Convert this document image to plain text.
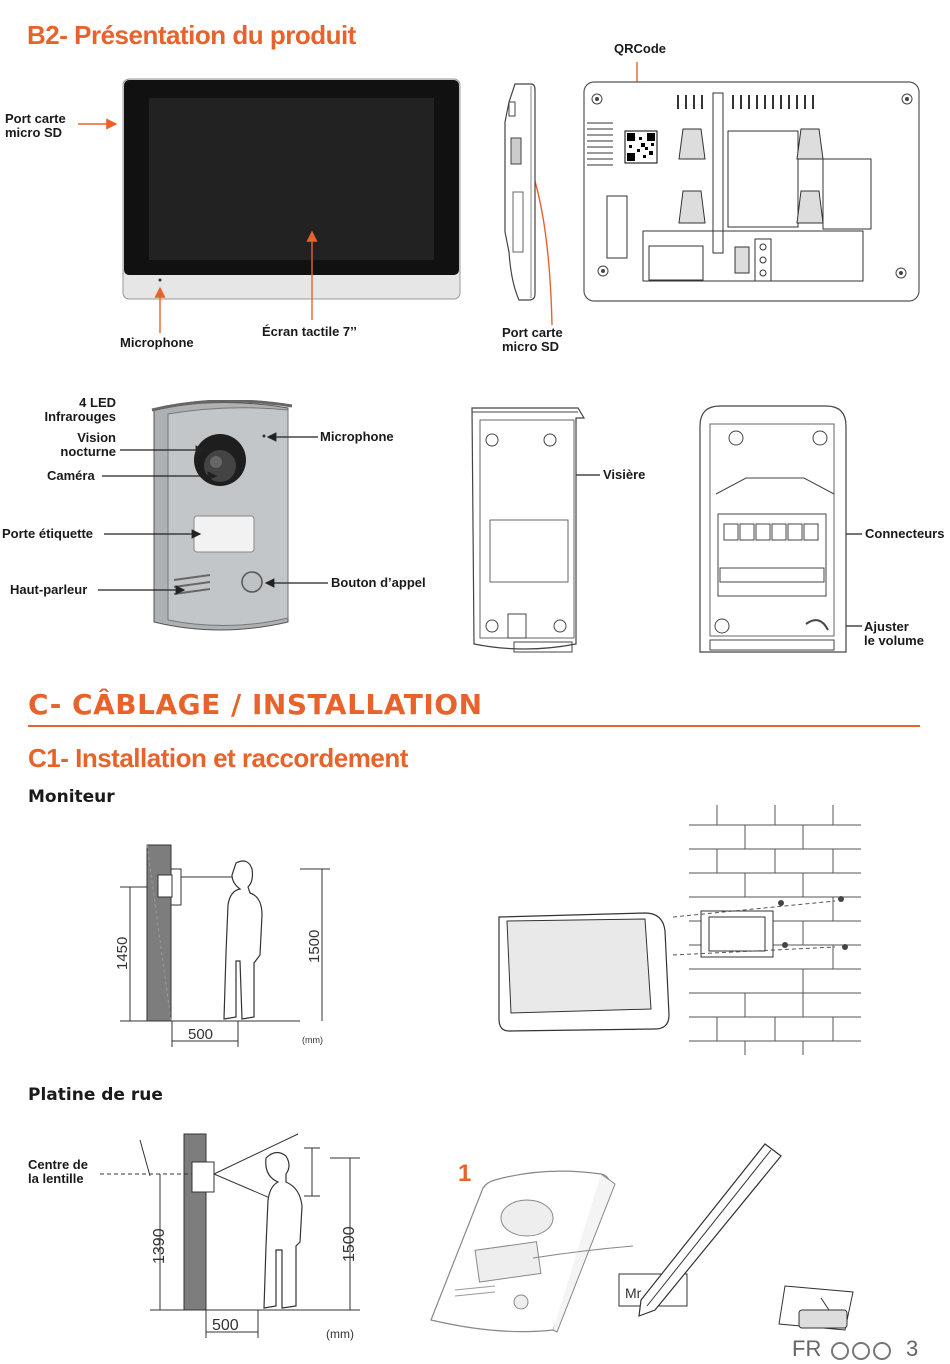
B2- Présentation du produit
Port carte
micro SD
Microphone
Écran tactile 7’’	Port carte
micro SD
QRCode
4 LED
Infrarouges
Vision
nocturne
Caméra
Porte étiquette
Haut-parleur
Microphone
Bouton d’appel
Visière
Connecteurs
Ajuster
le volume
C- CÂBLAGE / INSTALLATION
C1- Installation et raccordement
Moniteur
1450	1500
500	(mm)
Platine de rue
1390	1500
500	(mm)
Centre de
la lentille	1
Mr
FR	3
